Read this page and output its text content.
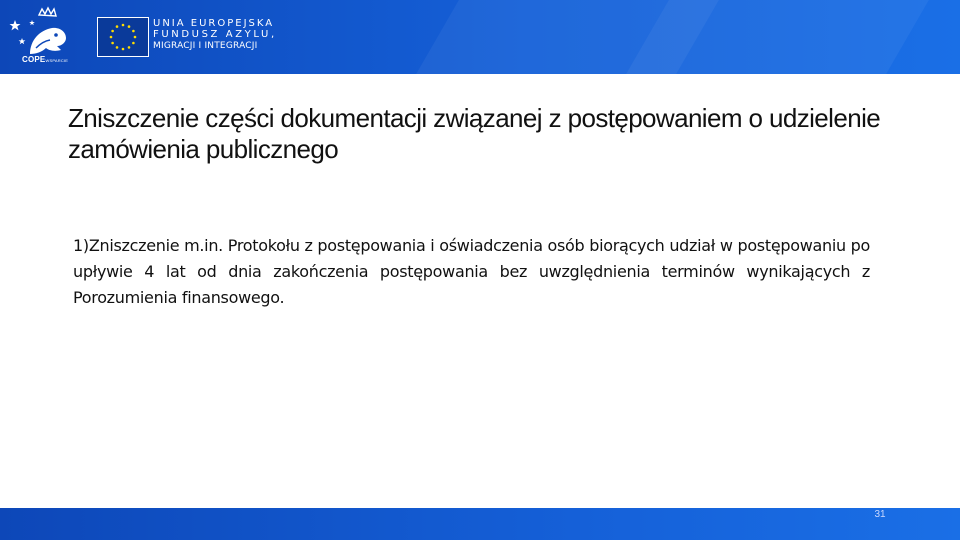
COPEWSPARCIE
UNIA EUROPEJSKA
FUNDUSZ AZYLU,
MIGRACJI I INTEGRACJI
Zniszczenie części dokumentacji związanej z postępowaniem o udzielenie zamówienia publicznego

1)Zniszczenie m.in. Protokołu z postępowania i oświadczenia osób biorących udział w postępowaniu po upływie 4 lat od dnia zakończenia postępowania bez uwzględnienia terminów wynikających z Porozumienia finansowego.

31
